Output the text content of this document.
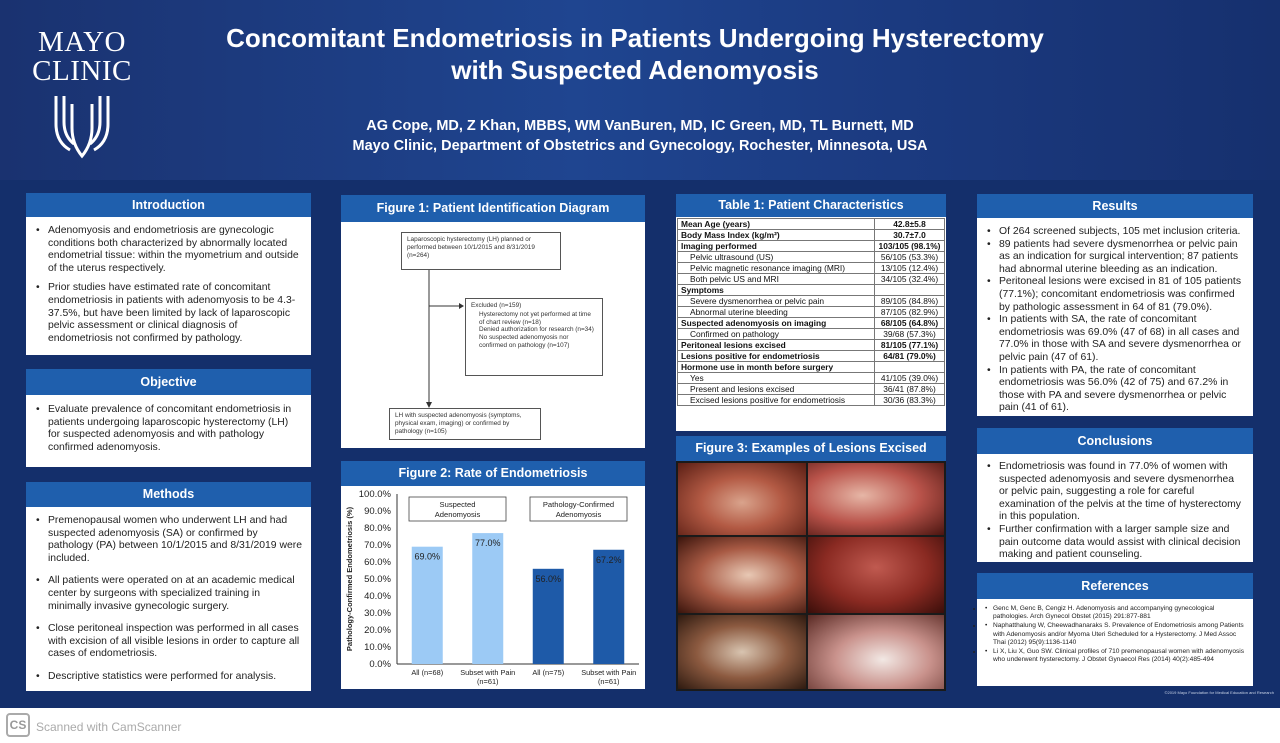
MAYO
CLINIC
Concomitant Endometriosis in Patients Undergoing Hysterectomy
with Suspected Adenomyosis
AG Cope, MD, Z Khan, MBBS, WM VanBuren, MD, IC Green, MD, TL Burnett, MD
Mayo Clinic, Department of Obstetrics and Gynecology, Rochester, Minnesota, USA
Introduction
• Adenomyosis and endometriosis are gynecologic conditions both characterized by abnormally located endometrial tissue: within the myometrium and outside of the uterus respectively.
• Prior studies have estimated rate of concomitant endometriosis in patients with adenomyosis to be 4.3-37.5%, but have been limited by lack of laparoscopic pelvic assessment or clinical diagnosis of endometriosis not confirmed by pathology.
Objective
• Evaluate prevalence of concomitant endometriosis in patients undergoing laparoscopic hysterectomy (LH) for suspected adenomyosis and with pathology confirmed adenomyosis.
Methods
• Premenopausal women who underwent LH and had suspected adenomyosis (SA) or confirmed by pathology (PA) between 10/1/2015 and 8/31/2019 were included.
• All patients were operated on at an academic medical center by surgeons with specialized training in minimally invasive gynecologic surgery.
• Close peritoneal inspection was performed in all cases with excision of all visible lesions in order to capture all cases of endometriosis.
• Descriptive statistics were performed for analysis.
Figure 1: Patient Identification Diagram
Laparoscopic hysterectomy (LH) planned or performed between 10/1/2015 and 8/31/2019 (n=264)
Excluded (n=159)
Hysterectomy not yet performed at time of chart review (n=18)
Denied authorization for research (n=34)
No suspected adenomyosis nor confirmed on pathology (n=107)
LH with suspected adenomyosis (symptoms, physical exam, imaging) or confirmed by pathology (n=105)
Figure 2: Rate of Endometriosis
0.0%
10.0%
20.0%
30.0%
40.0%
50.0%
60.0%
70.0%
80.0%
90.0%
100.0%
Pathology-Confirmed Endometriosis (%)	69.0%
All (n=68)
77.0%
Subset with Pain
(n=61)
56.0%
All (n=75)
67.2%
Subset with Pain
(n=61)
Suspected
Adenomyosis
Pathology-Confirmed
Adenomyosis
Table 1: Patient Characteristics
Mean Age (years)	42.8±5.8
Body Mass Index (kg/m²)	30.7±7.0
Imaging performed	103/105 (98.1%)
Pelvic ultrasound (US)	56/105 (53.3%)
Pelvic magnetic resonance imaging (MRI)	13/105 (12.4%)
Both pelvic US and MRI	34/105 (32.4%)
Symptoms	
Severe dysmenorrhea or pelvic pain	89/105 (84.8%)
Abnormal uterine bleeding	87/105 (82.9%)
Suspected adenomyosis on imaging	68/105 (64.8%)
Confirmed on pathology	39/68 (57.3%)
Peritoneal lesions excised	81/105 (77.1%)
Lesions positive for endometriosis	64/81 (79.0%)
Hormone use in month before surgery	
Yes	41/105 (39.0%)
Present and lesions excised	36/41 (87.8%)
Excised lesions positive for endometriosis	30/36 (83.3%)
Figure 3: Examples of Lesions Excised
Results
• Of 264 screened subjects, 105 met inclusion criteria.
• 89 patients had severe dysmenorrhea or pelvic pain as an indication for surgical intervention; 87 patients had abnormal uterine bleeding as an indication.
• Peritoneal lesions were excised in 81 of 105 patients (77.1%); concomitant endometriosis was confirmed by pathologic assessment in 64 of 81 (79.0%).
• In patients with SA, the rate of concomitant endometriosis was 69.0% (47 of 68) in all cases and 77.0% in those with SA and severe dysmenorrhea or pelvic pain (47 of 61).
• In patients with PA, the rate of concomitant endometriosis was 56.0% (42 of 75) and 67.2% in those with PA and severe dysmenorrhea or pelvic pain (41 of 61).
Conclusions
• Endometriosis was found in 77.0% of women with suspected adenomyosis and severe dysmenorrhea or pelvic pain, suggesting a role for careful examination of the pelvis at the time of hysterectomy in this population.
• Further confirmation with a larger sample size and pain outcome data would assist with clinical decision making and patient counseling.
References
• • Genc M, Genc B, Cengiz H. Adenomyosis and accompanying gynecological pathologies. Arch Gynecol Obstet (2015) 291:877-881
• • Naphatthalung W, Cheewadhanaraks S. Prevalence of Endometriosis among Patients with Adenomyosis and/or Myoma Uteri Scheduled for a Hysterectomy. J Med Assoc Thai (2012) 95(9):1136-1140
• • Li X, Liu X, Guo SW. Clinical profiles of 710 premenopausal women with adenomyosis who underwent hysterectomy. J Obstet Gynaecol Res (2014) 40(2):485-494
©2019 Mayo Foundation for Medical Education and Research
CS Scanned with CamScanner
